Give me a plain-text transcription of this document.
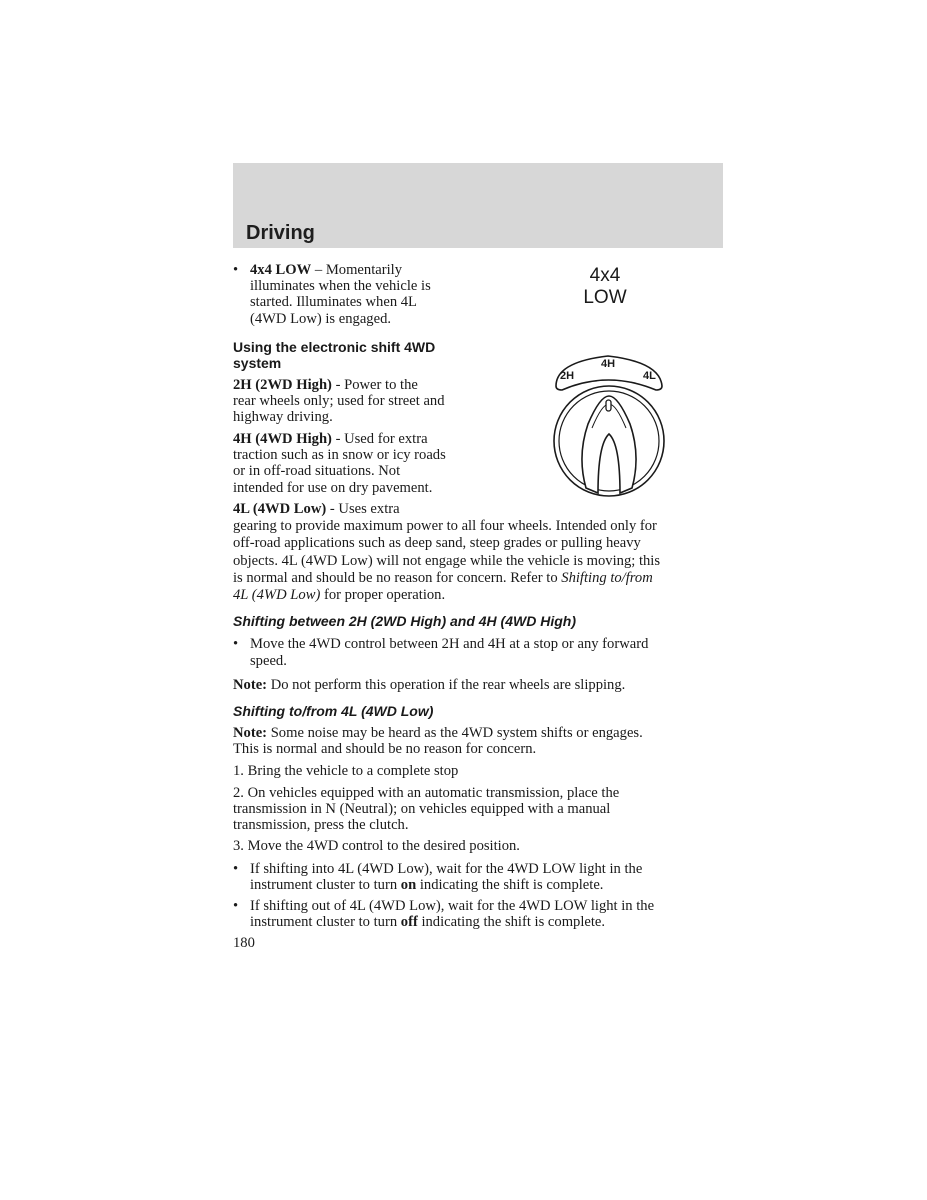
Driving
4x4
LOW
2H
4H
4L
• 4x4 LOW – Momentarily

illuminates when the vehicle is

started. Illuminates when 4L

(4WD Low) is engaged.

Using the electronic shift 4WD

system

2H (2WD High) - Power to the

rear wheels only; used for street and

highway driving.

4H (4WD High) - Used for extra

traction such as in snow or icy roads

or in off-road situations. Not

intended for use on dry pavement.

4L (4WD Low) - Uses extra

gearing to provide maximum power to all four wheels. Intended only for

off-road applications such as deep sand, steep grades or pulling heavy

objects. 4L (4WD Low) will not engage while the vehicle is moving; this

is normal and should be no reason for concern. Refer to Shifting to/from

4L (4WD Low) for proper operation.

Shifting between 2H (2WD High) and 4H (4WD High)

• Move the 4WD control between 2H and 4H at a stop or any forward

speed.

Note: Do not perform this operation if the rear wheels are slipping.

Shifting to/from 4L (4WD Low)

Note: Some noise may be heard as the 4WD system shifts or engages.

This is normal and should be no reason for concern.

1. Bring the vehicle to a complete stop

2. On vehicles equipped with an automatic transmission, place the

transmission in N (Neutral); on vehicles equipped with a manual

transmission, press the clutch.

3. Move the 4WD control to the desired position.

• If shifting into 4L (4WD Low), wait for the 4WD LOW light in the

instrument cluster to turn on indicating the shift is complete.

• If shifting out of 4L (4WD Low), wait for the 4WD LOW light in the

instrument cluster to turn off indicating the shift is complete.

180
